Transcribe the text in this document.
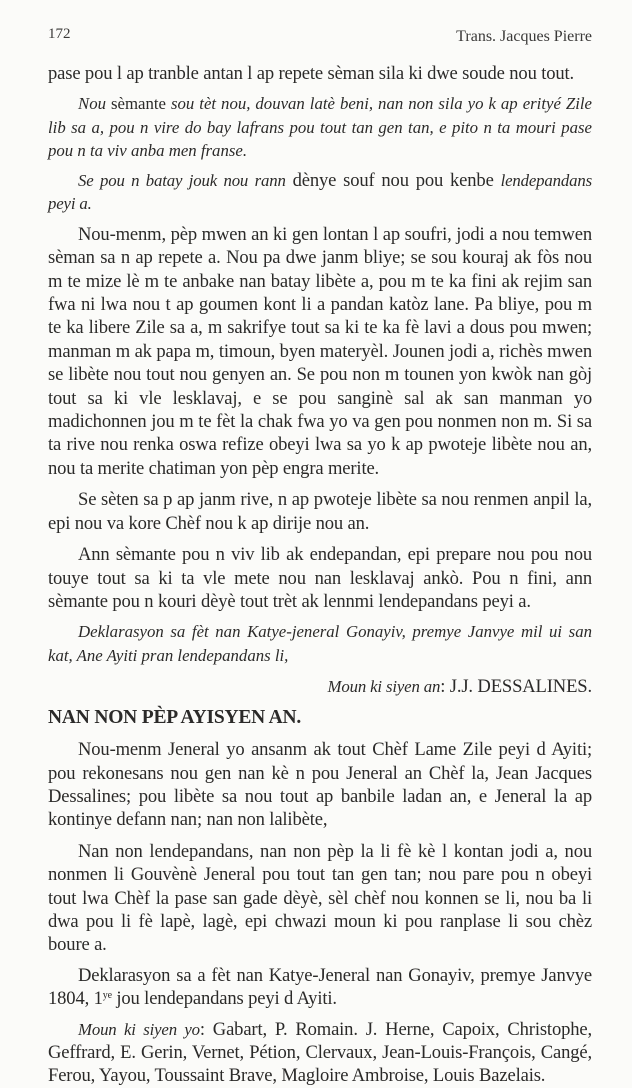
172	Trans. Jacques Pierre

pase pou l ap tranble antan l ap repete sèman sila ki dwe soude nou tout.

Nou sèmante sou tèt nou, douvan latè beni, nan non sila yo k ap erityé Zile lib sa a, pou n vire do bay lafrans pou tout tan gen tan, e pito n ta mouri pase pou n ta viv anba men franse.

Se pou n batay jouk nou rann dènye souf nou pou kenbe lendepandans peyi a.

Nou-menm, pèp mwen an ki gen lontan l ap soufri, jodi a nou temwen sèman sa n ap repete a. Nou pa dwe janm bliye; se sou kouraj ak fòs nou m te mize lè m te anbake nan batay libète a, pou m te ka fini ak rejim san fwa ni lwa nou t ap goumen kont li a pandan katòz lane. Pa bliye, pou m te ka libere Zile sa a, m sakrifye tout sa ki te ka fè lavi a dous pou mwen; manman m ak papa m, timoun, byen materyèl. Jounen jodi a, richès mwen se libète nou tout nou genyen an. Se pou non m tounen yon kwòk nan gòj tout sa ki vle lesklavaj, e se pou sanginè sal ak san manman yo madichonnen jou m te fèt la chak fwa yo va gen pou nonmen non m. Si sa ta rive nou renka oswa refize obeyi lwa sa yo k ap pwoteje libète nou an, nou ta merite chatiman yon pèp engra merite.

Se sèten sa p ap janm rive, n ap pwoteje libète sa nou renmen anpil la, epi nou va kore Chèf nou k ap dirije nou an.

Ann sèmante pou n viv lib ak endepandan, epi prepare nou pou nou touye tout sa ki ta vle mete nou nan lesklavaj ankò. Pou n fini, ann sèmante pou n kouri dèyè tout trèt ak lennmi lendepandans peyi a.

Deklarasyon sa fèt nan Katye-jeneral Gonayiv, premye Janvye mil ui san kat, Ane Ayiti pran lendepandans li,

Moun ki siyen an: J.J. DESSALINES.

NAN NON PÈP AYISYEN AN.

Nou-menm Jeneral yo ansanm ak tout Chèf Lame Zile peyi d Ayiti; pou rekonesans nou gen nan kè n pou Jeneral an Chèf la, Jean Jacques Dessalines; pou libète sa nou tout ap banbile ladan an, e Jeneral la ap kontinye defann nan; nan non lalibète,

Nan non lendepandans, nan non pèp la li fè kè l kontan jodi a, nou nonmen li Gouvènè Jeneral pou tout tan gen tan; nou pare pou n obeyi tout lwa Chèf la pase san gade dèyè, sèl chèf nou konnen se li, nou ba li dwa pou li fè lapè, lagè, epi chwazi moun ki pou ranplase li sou chèz boure a.

Deklarasyon sa a fèt nan Katye-Jeneral nan Gonayiv, premye Janvye 1804, $1^{ye}$ jou lendepandans peyi d Ayiti.

Moun ki siyen yo: Gabart, P. Romain. J. Herne, Capoix, Christophe, Geffrard, E. Gerin, Vernet, Pétion, Clervaux, Jean-Louis-François, Cangé, Ferou, Yayou, Toussaint Brave, Magloire Ambroise, Louis Bazelais.
